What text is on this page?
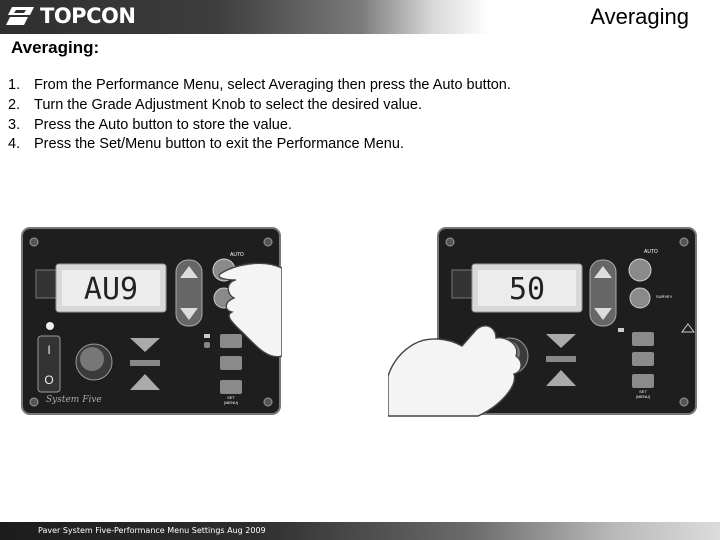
TOPCON	Averaging
Averaging:
1. From the Performance Menu, select Averaging then press the Auto button.
2. Turn the Grade Adjustment Knob to select the desired value.
3. Press the Auto button to store the value.
4. Press the Set/Menu button to exit the Performance Menu.
AU9
AUTO
I
O
SET
(MENU)
System Five
50
AUTO
SURVEY
SET
(MENU)
Paver System Five-Performance Menu Settings Aug 2009
